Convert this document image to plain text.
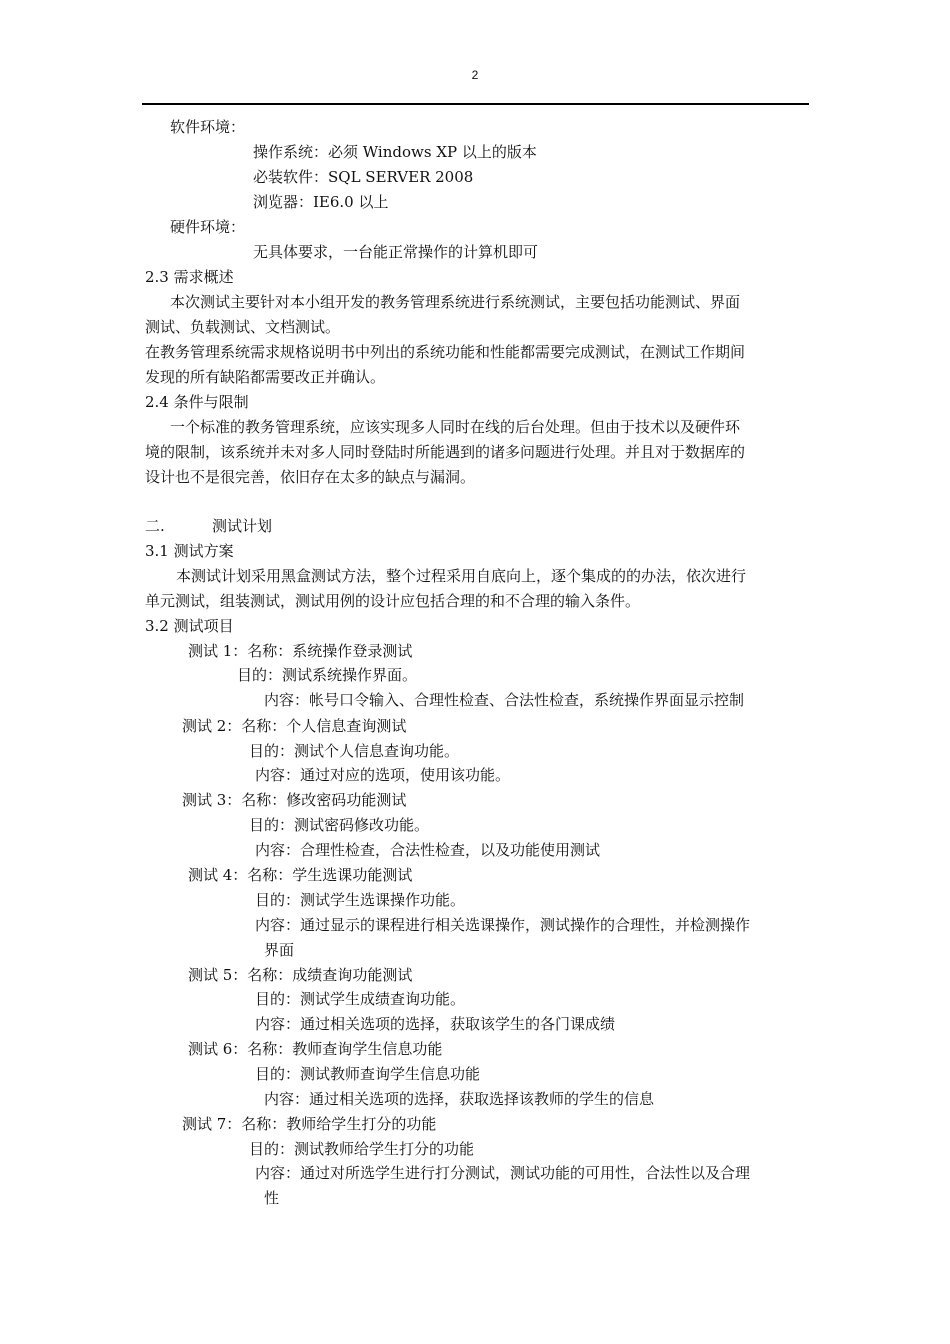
2
软件环境：
操作系统：必须 Windows XP 以上的版本
必装软件：SQL SERVER 2008
浏览器：IE6.0 以上
硬件环境：
无具体要求，一台能正常操作的计算机即可
2.3 需求概述
本次测试主要针对本小组开发的教务管理系统进行系统测试，主要包括功能测试、界面
测试、负载测试、文档测试。
在教务管理系统需求规格说明书中列出的系统功能和性能都需要完成测试，在测试工作期间
发现的所有缺陷都需要改正并确认。
2.4 条件与限制
一个标准的教务管理系统，应该实现多人同时在线的后台处理。但由于技术以及硬件环
境的限制，该系统并未对多人同时登陆时所能遇到的诸多问题进行处理。并且对于数据库的
设计也不是很完善，依旧存在太多的缺点与漏洞。
二.	测试计划
3.1 测试方案
本测试计划采用黑盒测试方法，整个过程采用自底向上，逐个集成的的办法，依次进行
单元测试，组装测试，测试用例的设计应包括合理的和不合理的输入条件。
3.2 测试项目
测试 1：名称：系统操作登录测试
目的：测试系统操作界面。
内容：帐号口令输入、合理性检查、合法性检查，系统操作界面显示控制
测试 2：名称：个人信息查询测试
目的：测试个人信息查询功能。
内容：通过对应的选项，使用该功能。
测试 3：名称：修改密码功能测试
目的：测试密码修改功能。
内容：合理性检查，合法性检查，以及功能使用测试
测试 4：名称：学生选课功能测试
目的：测试学生选课操作功能。
内容：通过显示的课程进行相关选课操作，测试操作的合理性，并检测操作
界面
测试 5：名称：成绩查询功能测试
目的：测试学生成绩查询功能。
内容：通过相关选项的选择，获取该学生的各门课成绩
测试 6：名称：教师查询学生信息功能
目的：测试教师查询学生信息功能
内容：通过相关选项的选择，获取选择该教师的学生的信息
测试 7：名称：教师给学生打分的功能
目的：测试教师给学生打分的功能
内容：通过对所选学生进行打分测试，测试功能的可用性，合法性以及合理
性
